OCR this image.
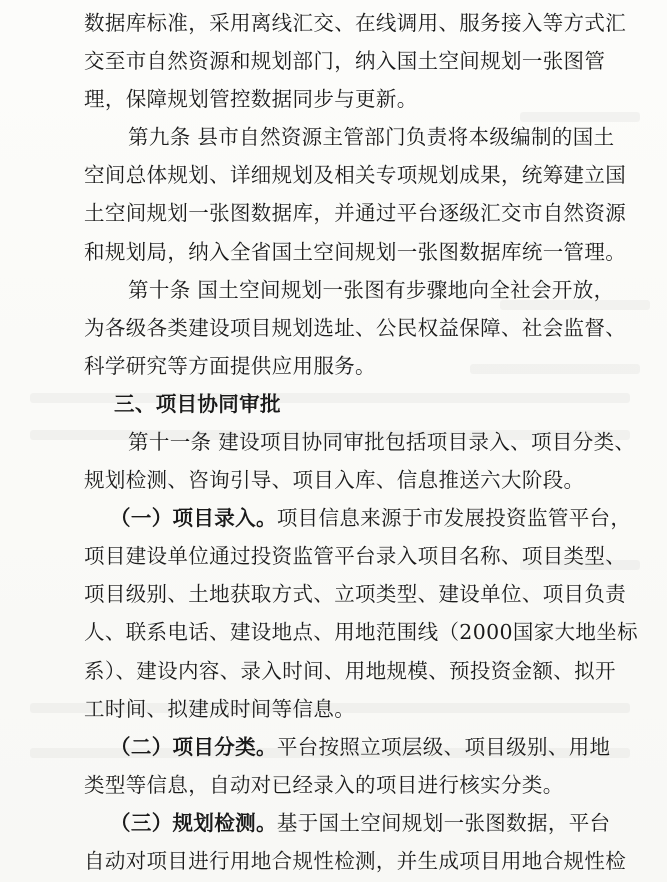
数据库标准，采用离线汇交、在线调用、服务接入等方式汇
交至市自然资源和规划部门，纳入国土空间规划一张图管
理，保障规划管控数据同步与更新。
第九条 县市自然资源主管部门负责将本级编制的国土
空间总体规划、详细规划及相关专项规划成果，统筹建立国
土空间规划一张图数据库，并通过平台逐级汇交市自然资源
和规划局，纳入全省国土空间规划一张图数据库统一管理。
第十条 国土空间规划一张图有步骤地向全社会开放，
为各级各类建设项目规划选址、公民权益保障、社会监督、
科学研究等方面提供应用服务。
三、项目协同审批
第十一条 建设项目协同审批包括项目录入、项目分类、
规划检测、咨询引导、项目入库、信息推送六大阶段。
（一）项目录入。项目信息来源于市发展投资监管平台，
项目建设单位通过投资监管平台录入项目名称、项目类型、
项目级别、土地获取方式、立项类型、建设单位、项目负责
人、联系电话、建设地点、用地范围线（2000国家大地坐标
系）、建设内容、录入时间、用地规模、预投资金额、拟开
工时间、拟建成时间等信息。
（二）项目分类。平台按照立项层级、项目级别、用地
类型等信息，自动对已经录入的项目进行核实分类。
（三）规划检测。基于国土空间规划一张图数据，平台
自动对项目进行用地合规性检测，并生成项目用地合规性检
